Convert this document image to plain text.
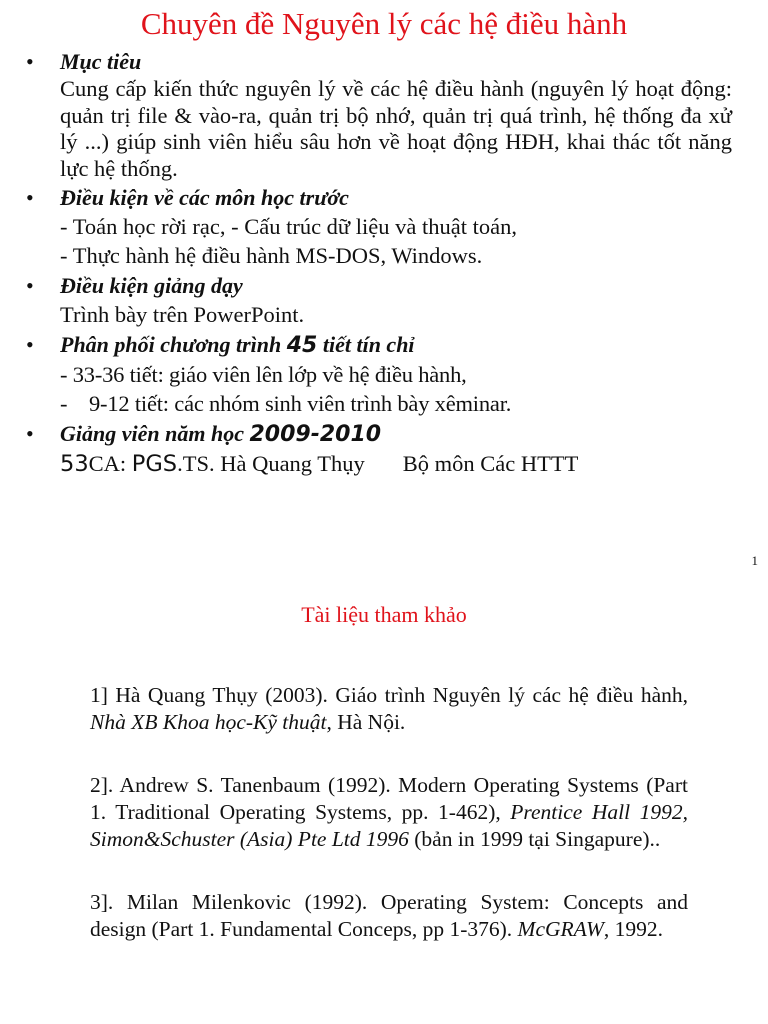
Chuyên đề Nguyên lý các hệ điều hành
• Mục tiêu
Cung cấp kiến thức nguyên lý về các hệ điều hành (nguyên lý hoạt động: quản trị file & vào-ra, quản trị bộ nhớ, quản trị quá trình, hệ thống đa xử lý ...) giúp sinh viên hiểu sâu hơn về hoạt động HĐH, khai thác tốt năng lực hệ thống.
• Điều kiện về các môn học trước
- Toán học rời rạc, - Cấu trúc dữ liệu và thuật toán,
- Thực hành hệ điều hành MS-DOS, Windows.
• Điều kiện giảng dạy
Trình bày trên PowerPoint.
• Phân phối chương trình 45 tiết tín chỉ
- 33-36 tiết: giáo viên lên lớp về hệ điều hành,
-    9-12 tiết: các nhóm sinh viên trình bày xêminar.
• Giảng viên năm học 2009-2010
53CA: PGS.TS. Hà Quang Thụy Bộ môn Các HTTT
1
Tài liệu tham khảo
1] Hà Quang Thụy (2003). Giáo trình Nguyên lý các hệ điều hành, Nhà XB Khoa học-Kỹ thuật, Hà Nội.
2]. Andrew S. Tanenbaum (1992). Modern Operating Systems (Part 1. Traditional Operating Systems, pp. 1-462), Prentice Hall 1992, Simon&Schuster (Asia) Pte Ltd 1996 (bản in 1999 tại Singapure)..
3]. Milan Milenkovic (1992). Operating System: Concepts and design (Part 1. Fundamental Conceps, pp 1-376). McGRAW, 1992.
